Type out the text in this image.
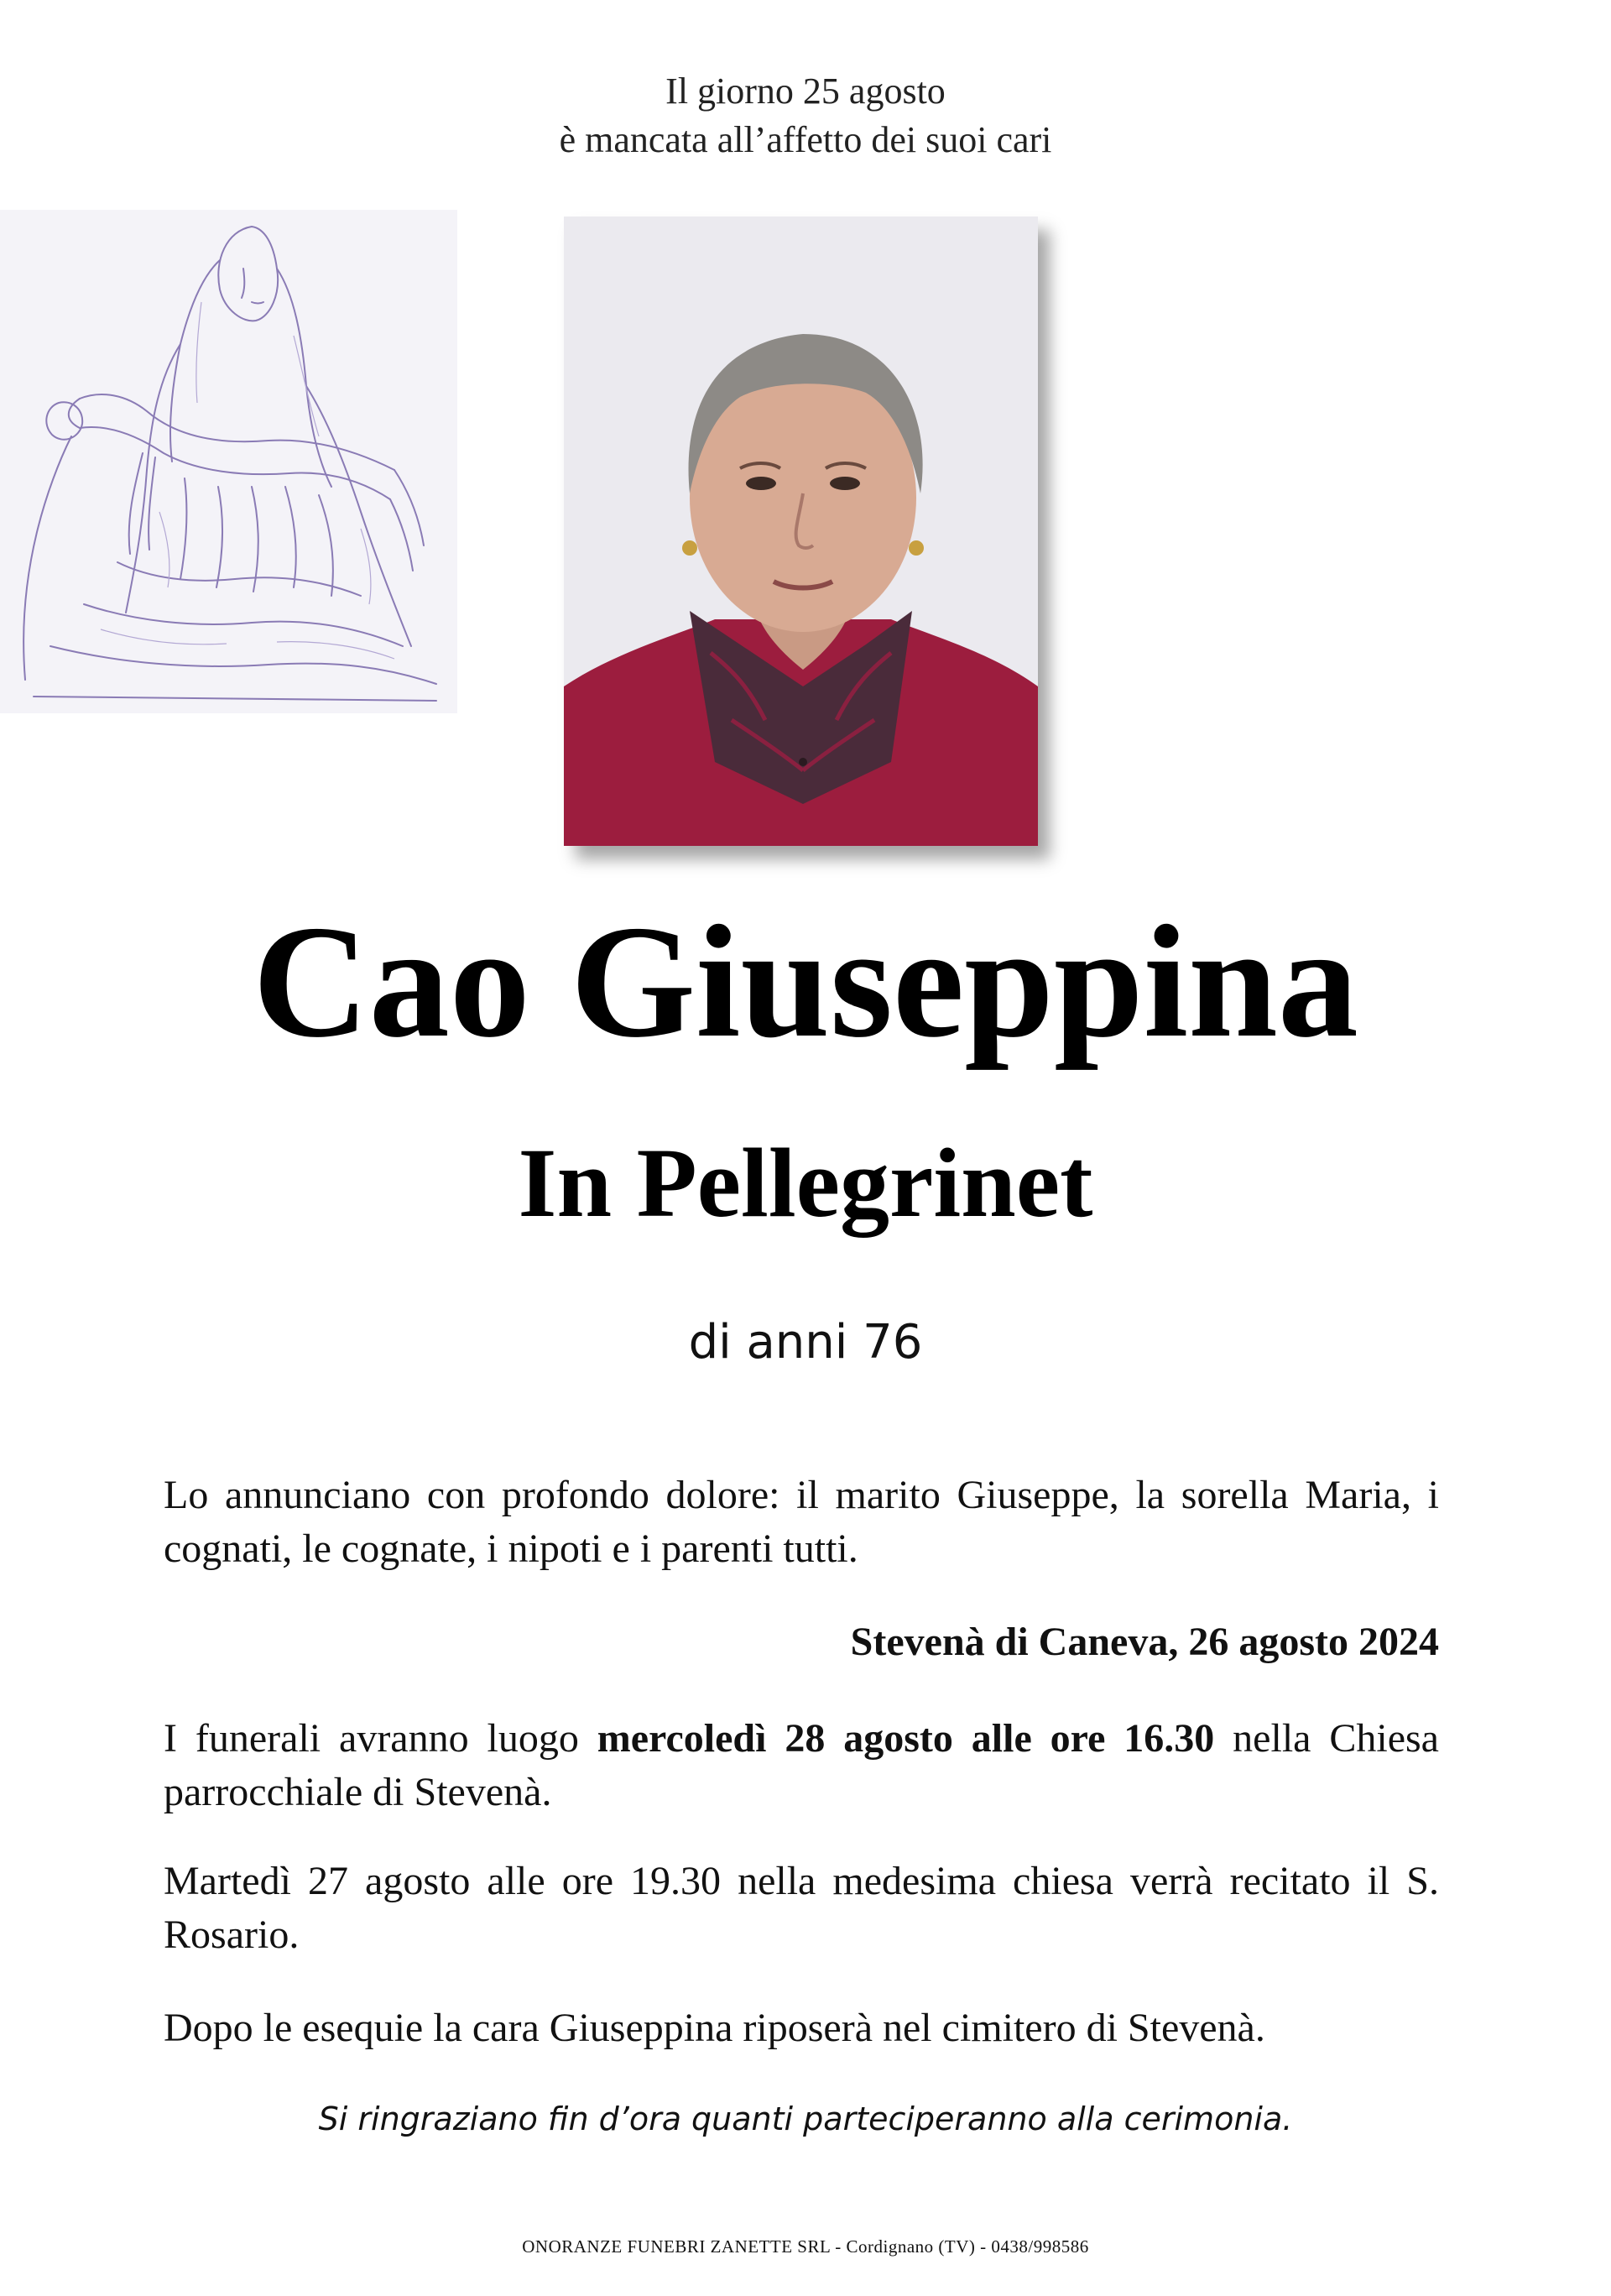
Il giorno 25 agosto
è mancata all’affetto dei suoi cari
Cao Giuseppina
In Pellegrinet
di anni 76
Lo annunciano con profondo dolore: il marito Giuseppe, la sorella Maria, i cognati, le cognate, i nipoti e i parenti tutti.
Stevenà di Caneva, 26 agosto 2024
I funerali avranno luogo mercoledì 28 agosto alle ore 16.30 nella Chiesa parrocchiale di Stevenà.
Martedì 27 agosto alle ore 19.30 nella medesima chiesa verrà recitato il S. Rosario.
Dopo le esequie la cara Giuseppina riposerà nel cimitero di Stevenà.
Si ringraziano fin d’ora quanti parteciperanno alla cerimonia.
ONORANZE FUNEBRI ZANETTE SRL - Cordignano (TV) - 0438/998586
